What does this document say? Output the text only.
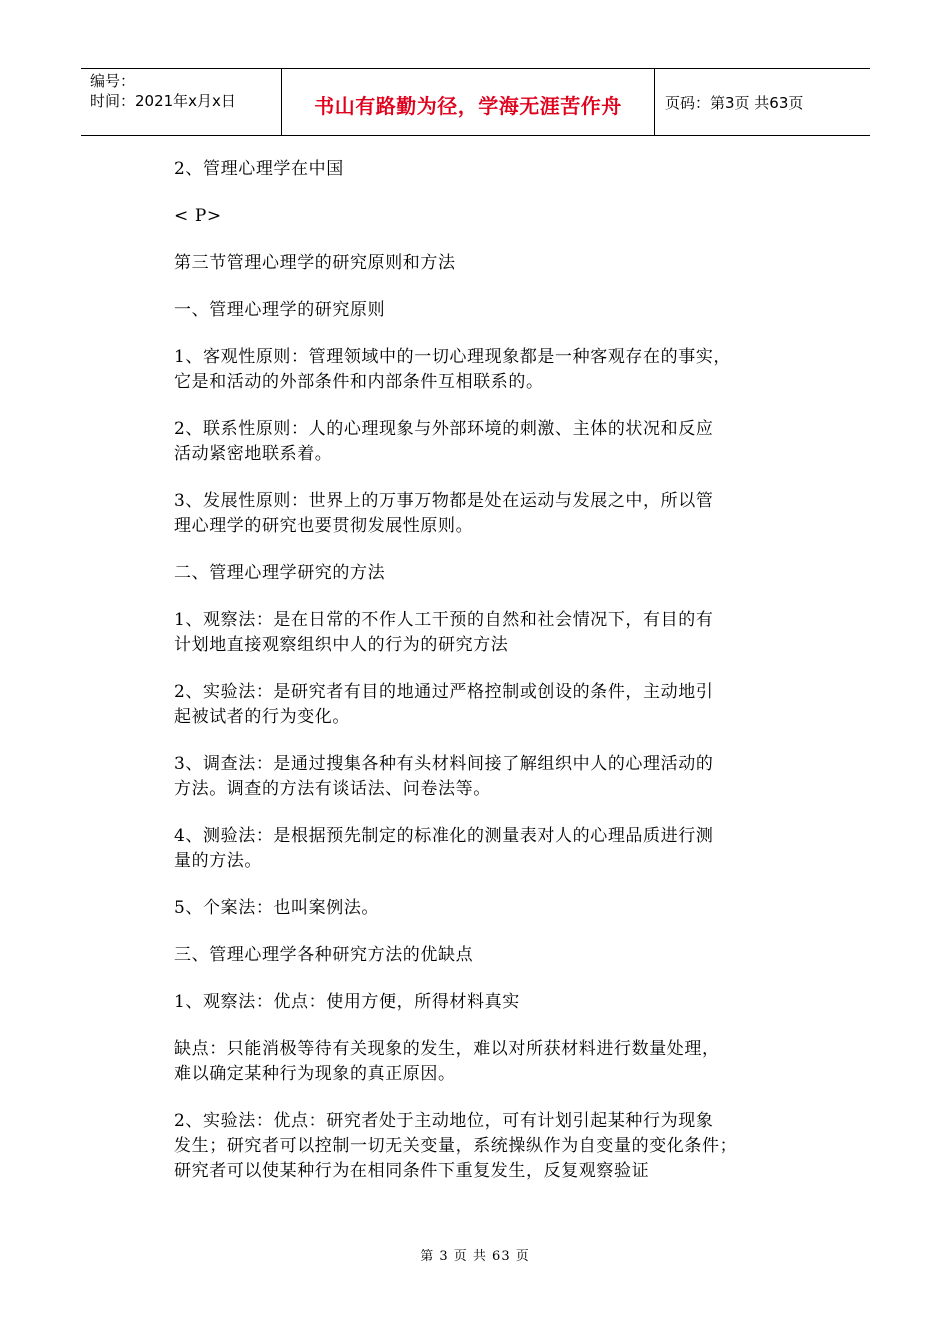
编号：
时间：2021年x月x日	书山有路勤为径，学海无涯苦作舟	页码：第3页 共63页

2、管理心理学在中国

< P>

第三节管理心理学的研究原则和方法

一、管理心理学的研究原则

1、客观性原则：管理领域中的一切心理现象都是一种客观存在的事实，
它是和活动的外部条件和内部条件互相联系的。

2、联系性原则：人的心理现象与外部环境的刺激、主体的状况和反应
活动紧密地联系着。

3、发展性原则：世界上的万事万物都是处在运动与发展之中，所以管
理心理学的研究也要贯彻发展性原则。

二、管理心理学研究的方法

1、观察法：是在日常的不作人工干预的自然和社会情况下，有目的有
计划地直接观察组织中人的行为的研究方法

2、实验法：是研究者有目的地通过严格控制或创设的条件，主动地引
起被试者的行为变化。

3、调查法：是通过搜集各种有头材料间接了解组织中人的心理活动的
方法。调查的方法有谈话法、问卷法等。

4、测验法：是根据预先制定的标准化的测量表对人的心理品质进行测
量的方法。

5、个案法：也叫案例法。

三、管理心理学各种研究方法的优缺点

1、观察法：优点：使用方便，所得材料真实

缺点：只能消极等待有关现象的发生，难以对所获材料进行数量处理，
难以确定某种行为现象的真正原因。

2、实验法：优点：研究者处于主动地位，可有计划引起某种行为现象
发生；研究者可以控制一切无关变量，系统操纵作为自变量的变化条件；
研究者可以使某种行为在相同条件下重复发生，反复观察验证

第 3 页 共 63 页
